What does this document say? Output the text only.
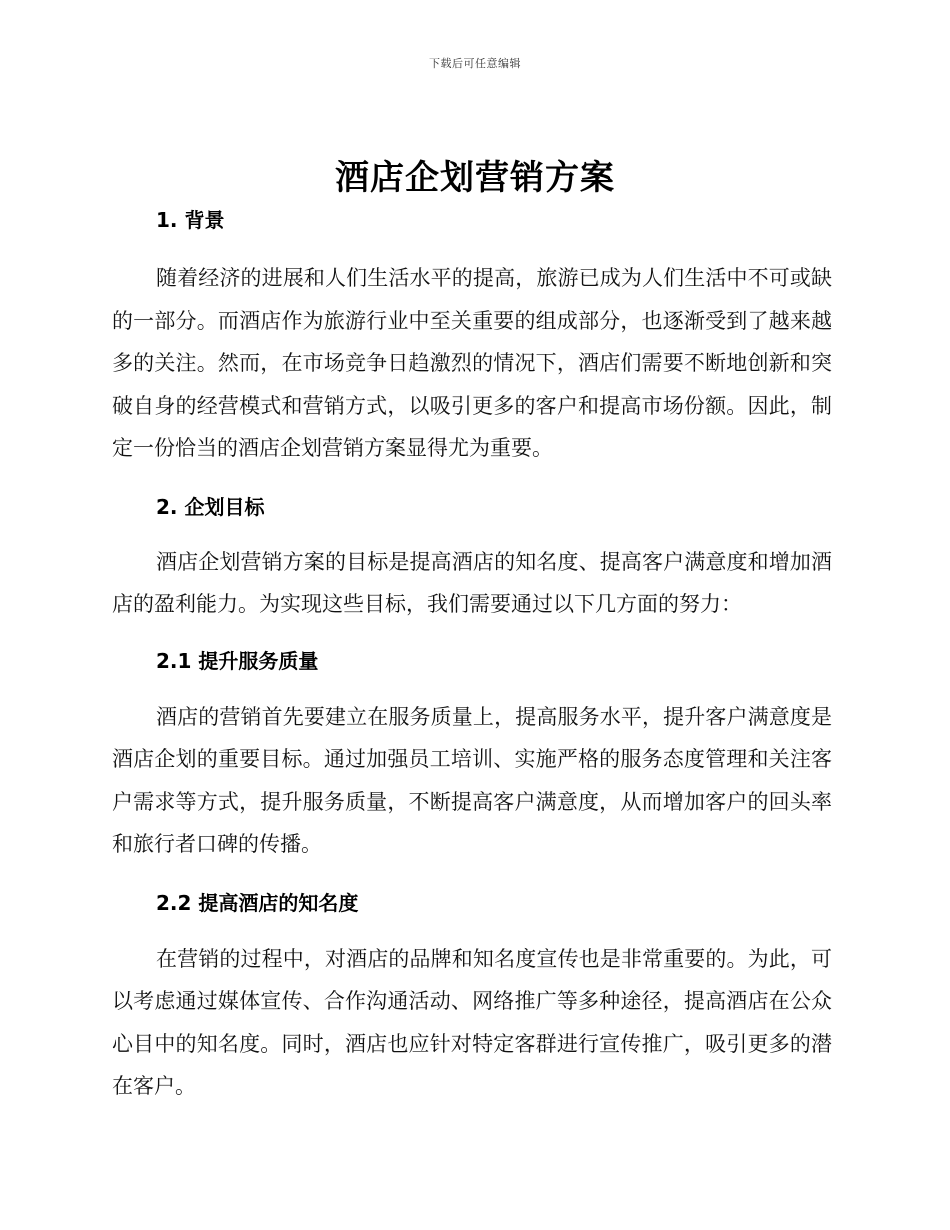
下载后可任意编辑
酒店企划营销方案
1. 背景

随着经济的进展和人们生活水平的提高，旅游已成为人们生活中不可或缺的一部分。而酒店作为旅游行业中至关重要的组成部分，也逐渐受到了越来越多的关注。然而，在市场竞争日趋激烈的情况下，酒店们需要不断地创新和突破自身的经营模式和营销方式，以吸引更多的客户和提高市场份额。因此，制定一份恰当的酒店企划营销方案显得尤为重要。

2. 企划目标

酒店企划营销方案的目标是提高酒店的知名度、提高客户满意度和增加酒店的盈利能力。为实现这些目标，我们需要通过以下几方面的努力：

2.1 提升服务质量

酒店的营销首先要建立在服务质量上，提高服务水平，提升客户满意度是酒店企划的重要目标。通过加强员工培训、实施严格的服务态度管理和关注客户需求等方式，提升服务质量，不断提高客户满意度，从而增加客户的回头率和旅行者口碑的传播。

2.2 提高酒店的知名度

在营销的过程中，对酒店的品牌和知名度宣传也是非常重要的。为此，可以考虑通过媒体宣传、合作沟通活动、网络推广等多种途径，提高酒店在公众心目中的知名度。同时，酒店也应针对特定客群进行宣传推广，吸引更多的潜在客户。
